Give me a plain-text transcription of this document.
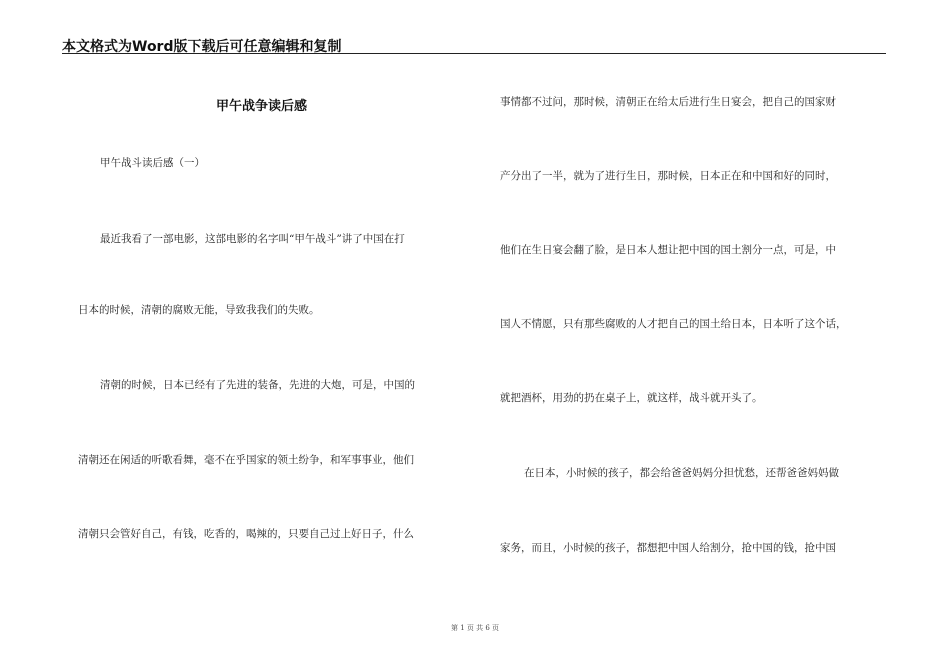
本文格式为Word版下载后可任意编辑和复制
甲午战争读后感
甲午战斗读后感（一）
最近我看了一部电影，这部电影的名字叫“甲午战斗”讲了中国在打
日本的时候，清朝的腐败无能，导致我我们的失败。
清朝的时候，日本已经有了先进的装备，先进的大炮，可是，中国的
清朝还在闲适的听歌看舞，毫不在乎国家的领土纷争，和军事事业，他们
清朝只会管好自己，有钱，吃香的，喝辣的，只要自己过上好日子，什么
事情都不过问，那时候，清朝正在给太后进行生日宴会，把自己的国家财
产分出了一半，就为了进行生日，那时候，日本正在和中国和好的同时，
他们在生日宴会翻了脸，是日本人想让把中国的国土割分一点，可是，中
国人不情愿，只有那些腐败的人才把自己的国土给日本，日本听了这个话，
就把酒杯，用劲的扔在桌子上，就这样，战斗就开头了。
在日本，小时候的孩子，都会给爸爸妈妈分担忧愁，还帮爸爸妈妈做
家务，而且，小时候的孩子，都想把中国人给割分，抢中国的钱，抢中国
第 1 页 共 6 页
